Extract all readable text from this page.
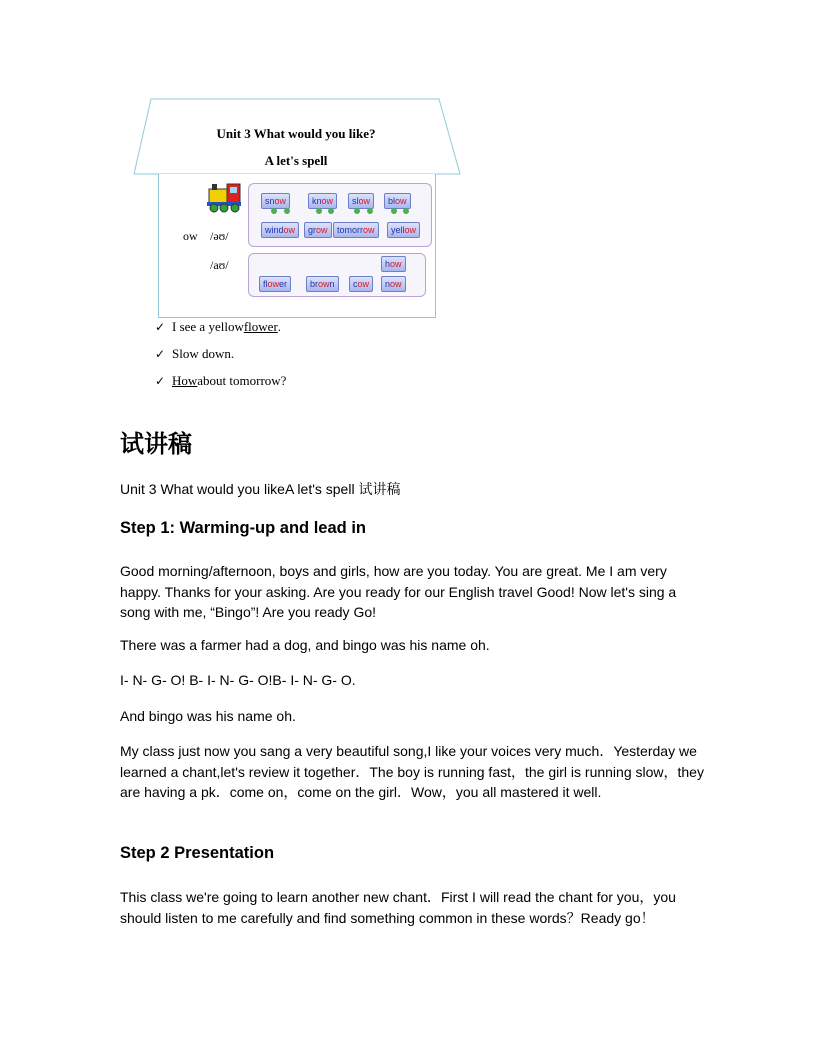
Unit 3 What would you like?
A let's spell
ow /əʊ/
/aʊ/
snow	know	slow	blow
window	grow	tomorrow	yellow
how
flower	brown	cow	now
✓ I see a yellow flower .
✓ Slow down.
✓ How about tomorrow?
试讲稿
Unit 3 What would you likeA let's spell 试讲稿
Step 1: Warming-up and lead in

Good morning/afternoon, boys and girls, how are you today. You are great. Me I am very happy. Thanks for your asking. Are you ready for our English travel Good! Now let's sing a song with me, “Bingo”! Are you ready Go!

There was a farmer had a dog, and bingo was his name oh.

I- N- G- O! B- I- N- G- O!B- I- N- G- O.

And bingo was his name oh.

My class just now you sang a very beautiful song,I like your voices very much．Yesterday we learned a chant,let's review it together．The boy is running fast，the girl is running slow，they are having a pk．come on，come on the girl．Wow，you all mastered it well.

Step 2 Presentation

This class we're going to learn another new chant．First I will read the chant for you，you should listen to me carefully and find something common in these words？Ready go！
